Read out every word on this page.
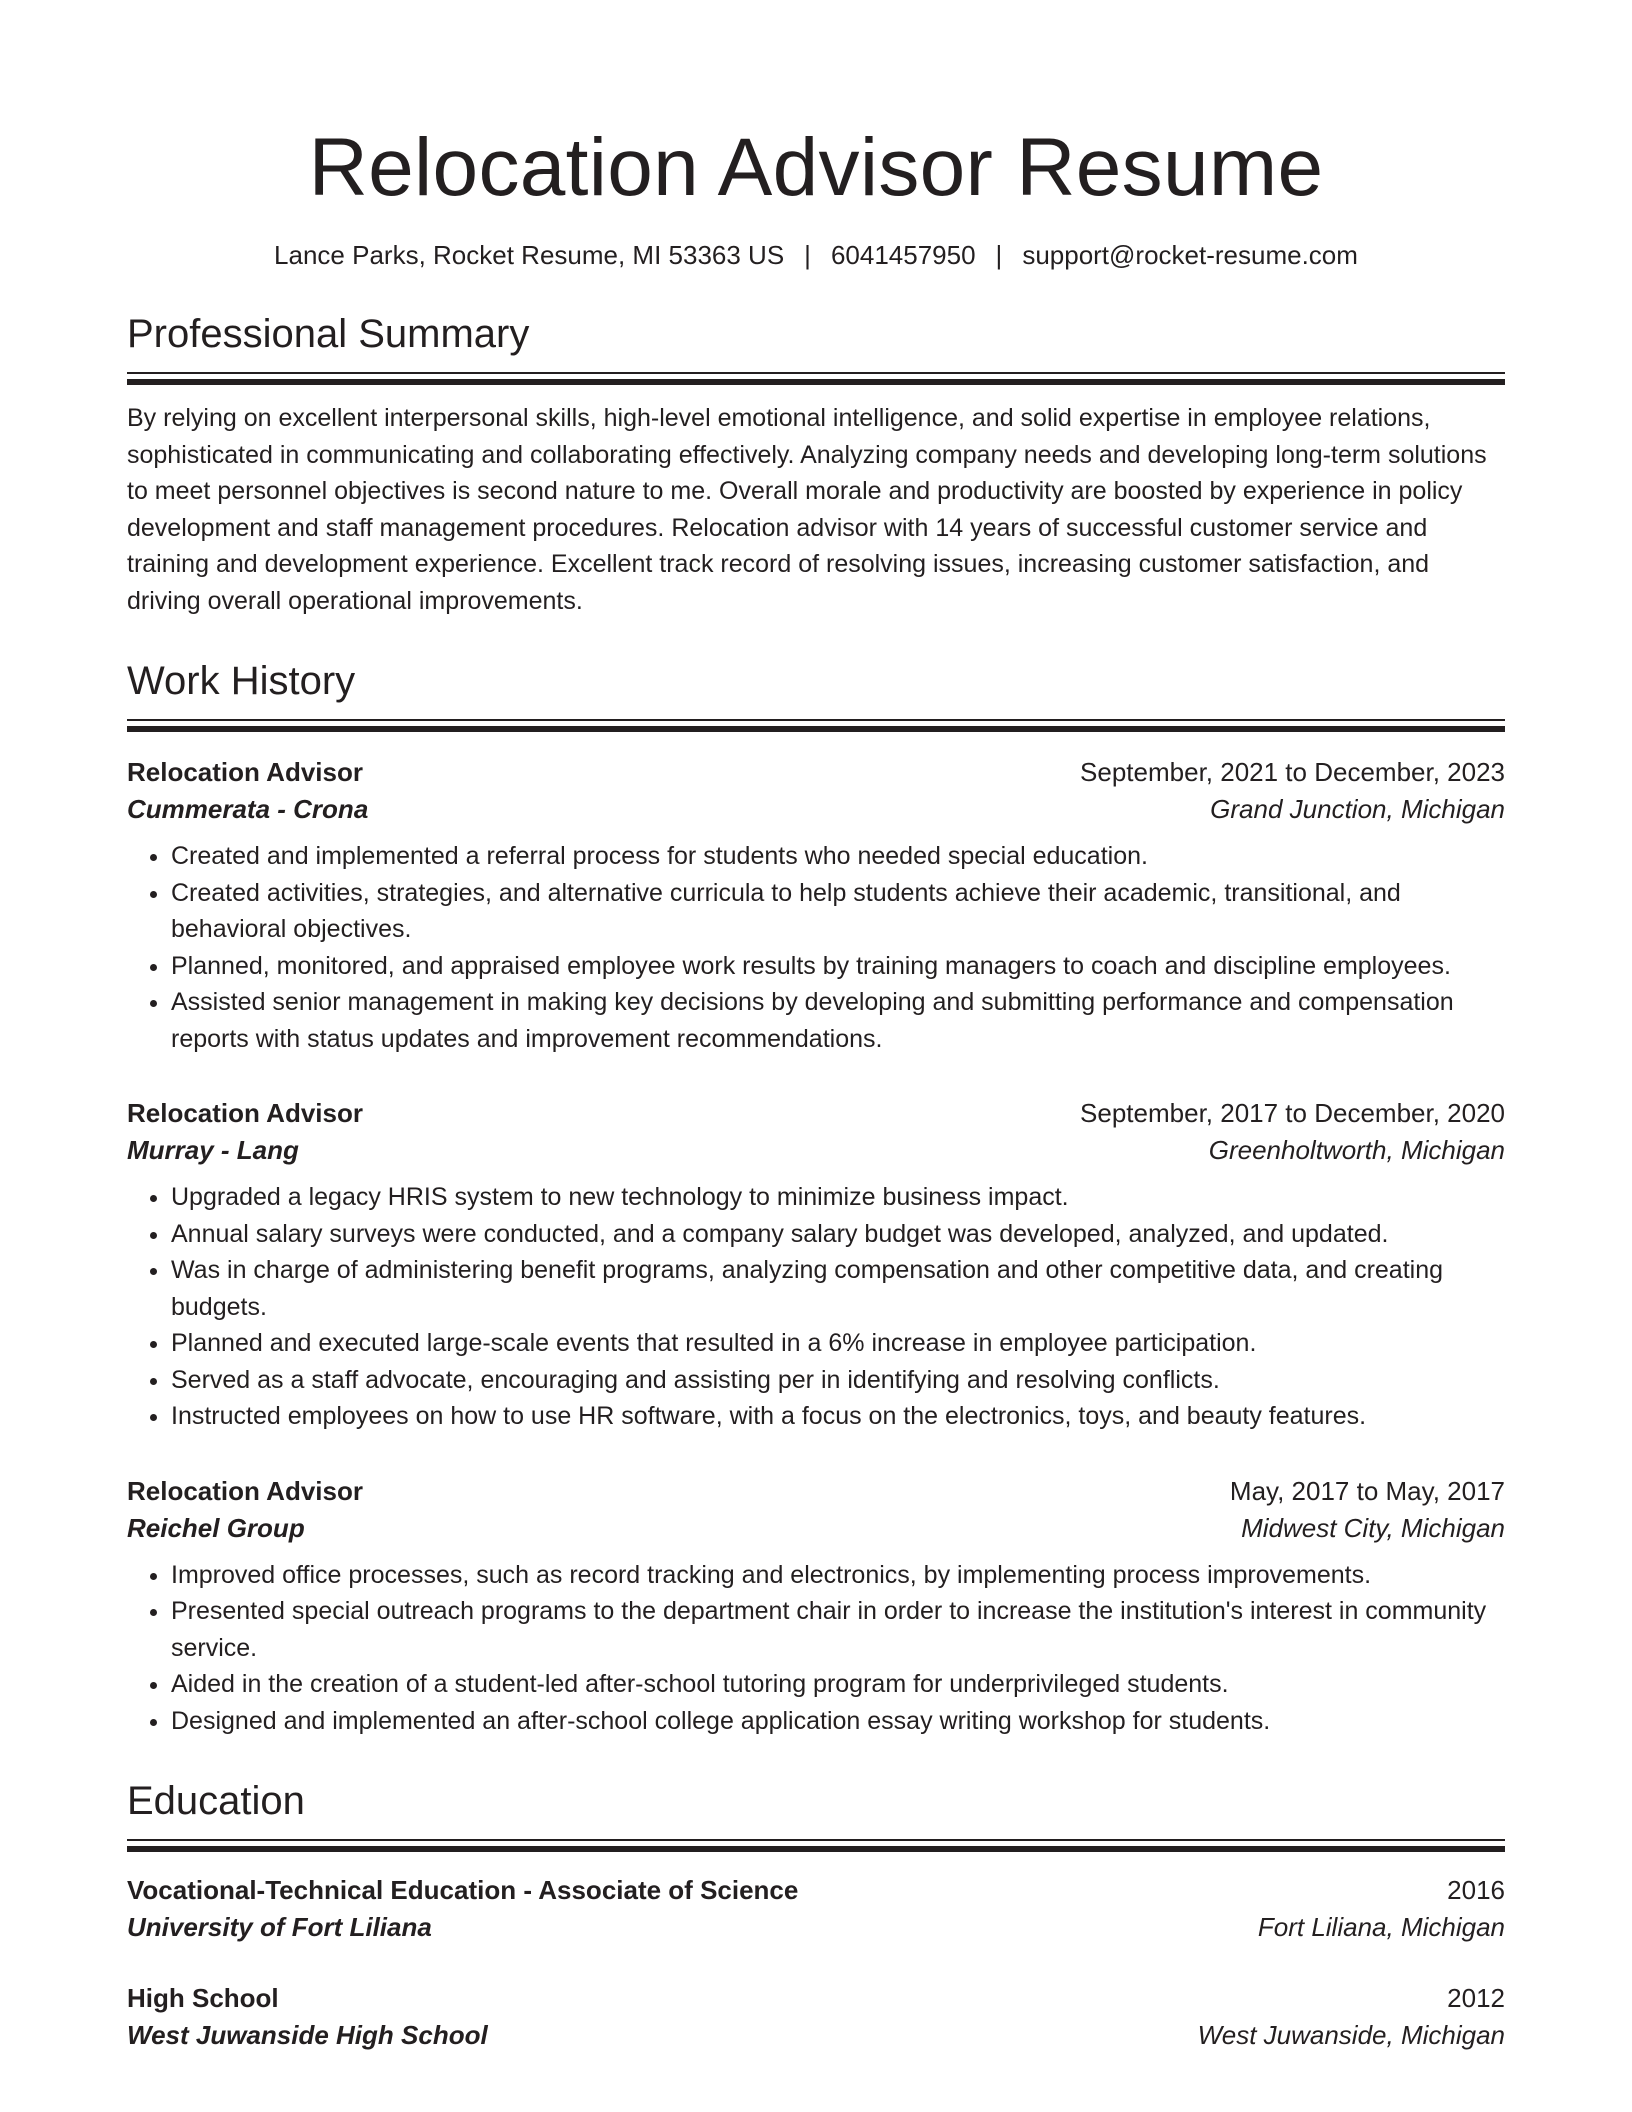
Relocation Advisor Resume
Lance Parks, Rocket Resume, MI 53363 US | 6041457950 | support@rocket-resume.com
Professional Summary

By relying on excellent interpersonal skills, high-level emotional intelligence, and solid expertise in employee relations, sophisticated in communicating and collaborating effectively. Analyzing company needs and developing long-term solutions to meet personnel objectives is second nature to me. Overall morale and productivity are boosted by experience in policy development and staff management procedures. Relocation advisor with 14 years of successful customer service and training and development experience. Excellent track record of resolving issues, increasing customer satisfaction, and driving overall operational improvements.

Work History
Relocation Advisor	September, 2021 to December, 2023
Cummerata - Crona	Grand Junction, Michigan
• Created and implemented a referral process for students who needed special education.
• Created activities, strategies, and alternative curricula to help students achieve their academic, transitional, and behavioral objectives.
• Planned, monitored, and appraised employee work results by training managers to coach and discipline employees.
• Assisted senior management in making key decisions by developing and submitting performance and compensation reports with status updates and improvement recommendations.
Relocation Advisor	September, 2017 to December, 2020
Murray - Lang	Greenholtworth, Michigan
• Upgraded a legacy HRIS system to new technology to minimize business impact.
• Annual salary surveys were conducted, and a company salary budget was developed, analyzed, and updated.
• Was in charge of administering benefit programs, analyzing compensation and other competitive data, and creating budgets.
• Planned and executed large-scale events that resulted in a 6% increase in employee participation.
• Served as a staff advocate, encouraging and assisting per in identifying and resolving conflicts.
• Instructed employees on how to use HR software, with a focus on the electronics, toys, and beauty features.
Relocation Advisor	May, 2017 to May, 2017
Reichel Group	Midwest City, Michigan
• Improved office processes, such as record tracking and electronics, by implementing process improvements.
• Presented special outreach programs to the department chair in order to increase the institution's interest in community service.
• Aided in the creation of a student-led after-school tutoring program for underprivileged students.
• Designed and implemented an after-school college application essay writing workshop for students.
Education
Vocational-Technical Education - Associate of Science	2016
University of Fort Liliana	Fort Liliana, Michigan
High School	2012
West Juwanside High School	West Juwanside, Michigan
